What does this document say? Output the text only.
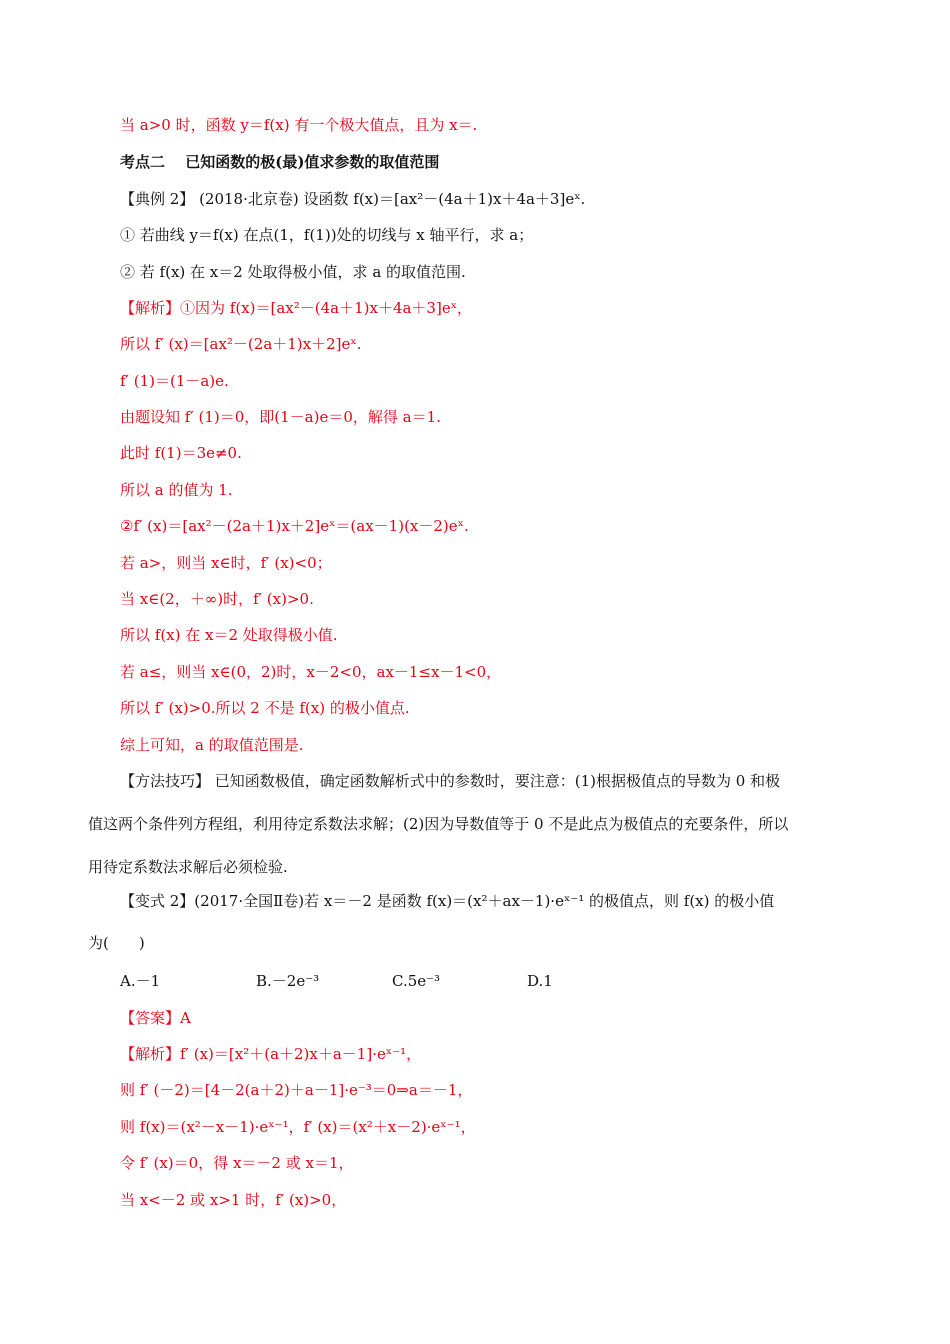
当 a>0 时，函数 y＝f(x) 有一个极大值点，且为 x＝.
考点二　 已知函数的极(最)值求参数的取值范围
【典例 2】 (2018·北京卷) 设函数 f(x)＝[ax²－(4a＋1)x＋4a＋3]eˣ.
① 若曲线 y＝f(x) 在点(1，f(1))处的切线与 x 轴平行，求 a；
② 若 f(x) 在 x＝2 处取得极小值，求 a 的取值范围.
【解析】①因为 f(x)＝[ax²－(4a＋1)x＋4a＋3]eˣ，
所以 f′ (x)＝[ax²－(2a＋1)x＋2]eˣ.
f′ (1)＝(1－a)e.
由题设知 f′ (1)＝0，即(1－a)e＝0，解得 a＝1.
此时 f(1)＝3e≠0.
所以 a 的值为 1.
②f′ (x)＝[ax²－(2a＋1)x＋2]eˣ＝(ax－1)(x－2)eˣ.
若 a>，则当 x∈时，f′ (x)<0；
当 x∈(2，＋∞)时，f′ (x)>0.
所以 f(x) 在 x＝2 处取得极小值.
若 a≤，则当 x∈(0，2)时，x－2<0，ax－1≤x－1<0，
所以 f′ (x)>0.所以 2 不是 f(x) 的极小值点.
综上可知，a 的取值范围是.
【方法技巧】 已知函数极值，确定函数解析式中的参数时，要注意：(1)根据极值点的导数为 0 和极
值这两个条件列方程组，利用待定系数法求解；(2)因为导数值等于 0 不是此点为极值点的充要条件，所以
用待定系数法求解后必须检验.
【变式 2】(2017·全国Ⅱ卷)若 x＝－2 是函数 f(x)＝(x²＋ax－1)·eˣ⁻¹ 的极值点，则 f(x) 的极小值
为(　　)
A.－1	B.－2e⁻³	C.5e⁻³	D.1
【答案】A
【解析】f′ (x)＝[x²＋(a＋2)x＋a－1]·eˣ⁻¹，
则 f′ (－2)＝[4－2(a＋2)＋a－1]·e⁻³＝0⇒a＝－1，
则 f(x)＝(x²－x－1)·eˣ⁻¹，f′ (x)＝(x²＋x－2)·eˣ⁻¹，
令 f′ (x)＝0，得 x＝－2 或 x＝1，
当 x<－2 或 x>1 时，f′ (x)>0，
